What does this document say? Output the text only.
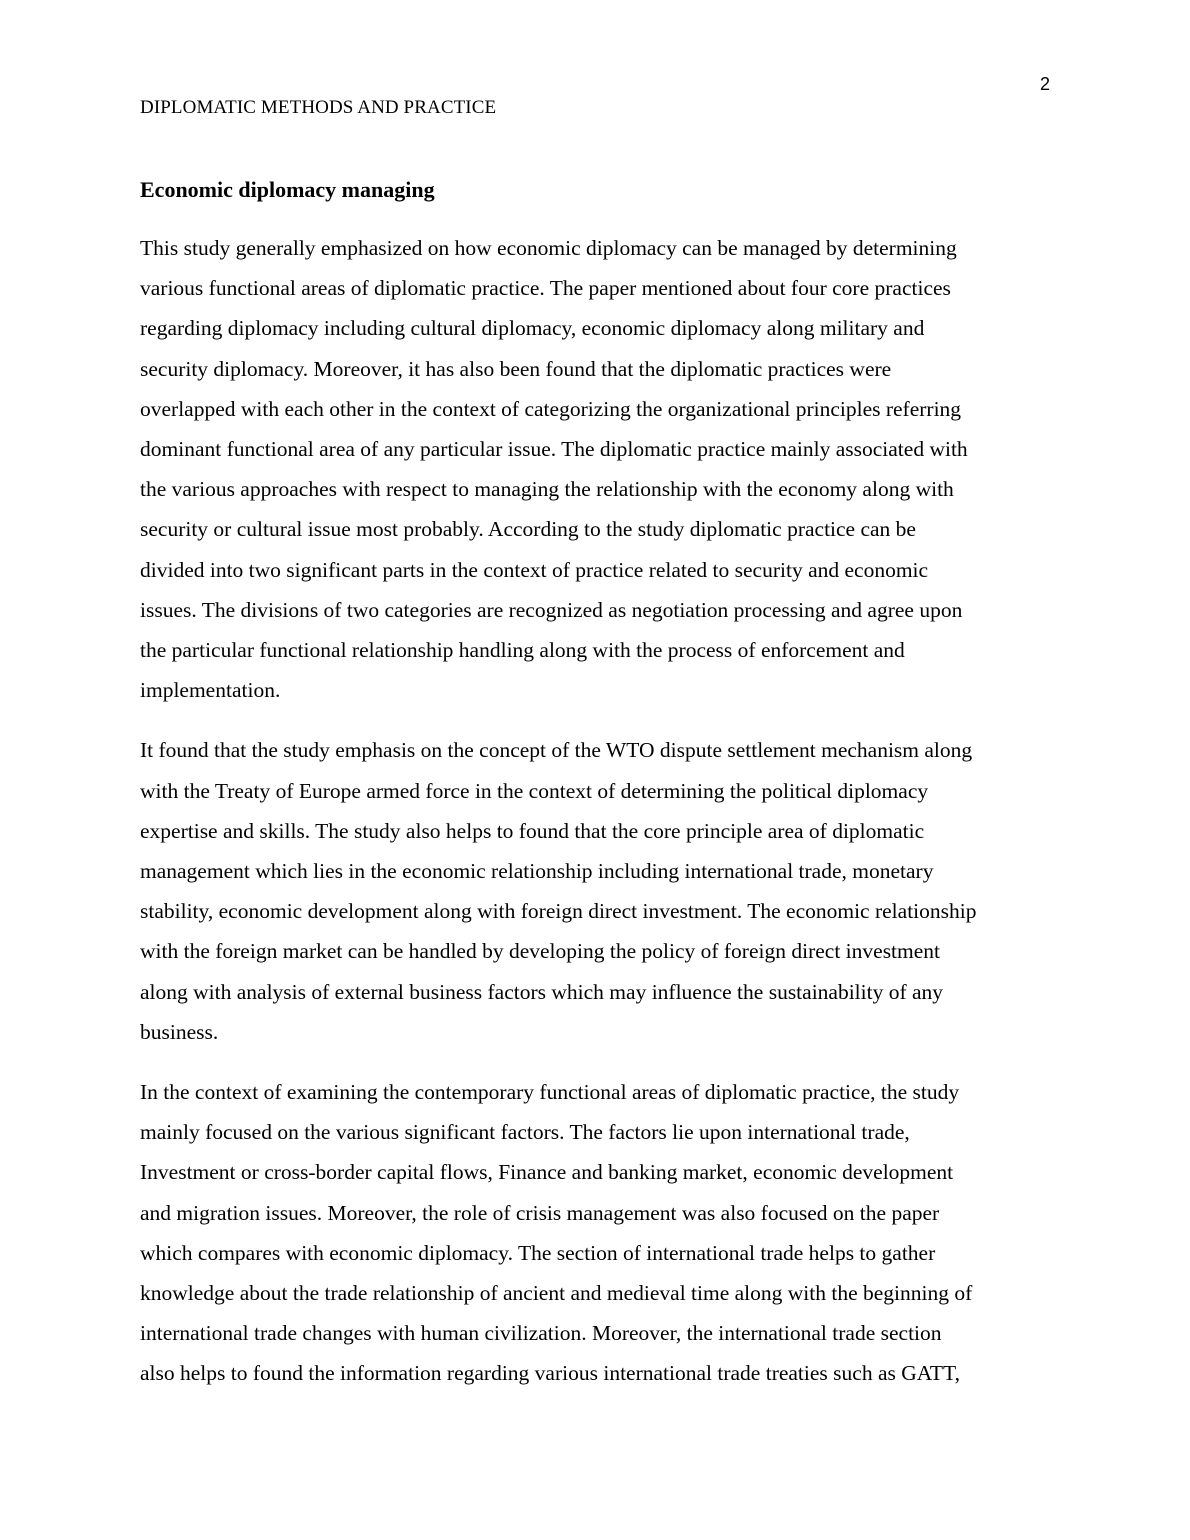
2
DIPLOMATIC METHODS AND PRACTICE
Economic diplomacy managing

This study generally emphasized on how economic diplomacy can be managed by determining
various functional areas of diplomatic practice. The paper mentioned about four core practices
regarding diplomacy including cultural diplomacy, economic diplomacy along military and
security diplomacy. Moreover, it has also been found that the diplomatic practices were
overlapped with each other in the context of categorizing the organizational principles referring
dominant functional area of any particular issue. The diplomatic practice mainly associated with
the various approaches with respect to managing the relationship with the economy along with
security or cultural issue most probably. According to the study diplomatic practice can be
divided into two significant parts in the context of practice related to security and economic
issues. The divisions of two categories are recognized as negotiation processing and agree upon
the particular functional relationship handling along with the process of enforcement and
implementation.

It found that the study emphasis on the concept of the WTO dispute settlement mechanism along
with the Treaty of Europe armed force in the context of determining the political diplomacy
expertise and skills. The study also helps to found that the core principle area of diplomatic
management which lies in the economic relationship including international trade, monetary
stability, economic development along with foreign direct investment. The economic relationship
with the foreign market can be handled by developing the policy of foreign direct investment
along with analysis of external business factors which may influence the sustainability of any
business.

In the context of examining the contemporary functional areas of diplomatic practice, the study
mainly focused on the various significant factors. The factors lie upon international trade,
Investment or cross-border capital flows, Finance and banking market, economic development
and migration issues. Moreover, the role of crisis management was also focused on the paper
which compares with economic diplomacy. The section of international trade helps to gather
knowledge about the trade relationship of ancient and medieval time along with the beginning of
international trade changes with human civilization. Moreover, the international trade section
also helps to found the information regarding various international trade treaties such as GATT,
